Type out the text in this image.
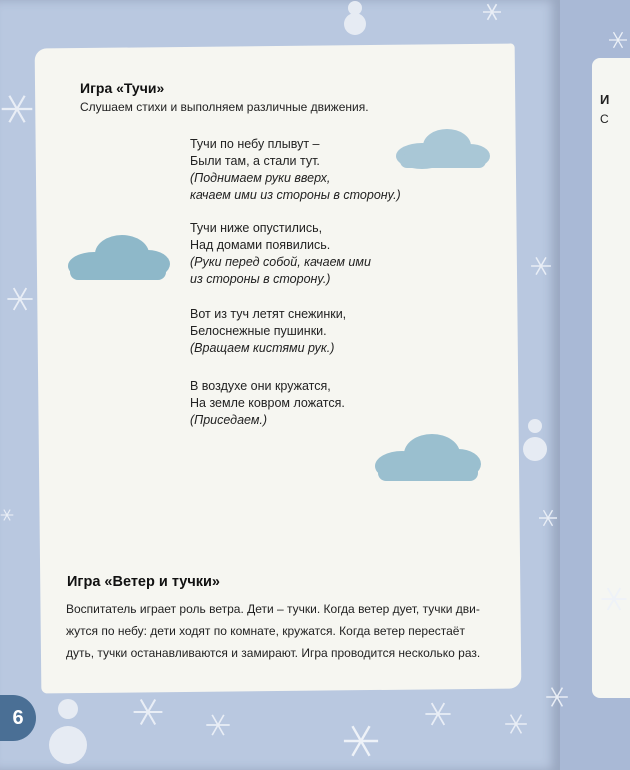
И
С
Игра «Тучи»
Слушаем стихи и выполняем различные движения.
Тучи по небу плывут –
Были там, а стали тут.
(Поднимаем руки вверх,
качаем ими из стороны в сторону.)
Тучи ниже опустились,
Над домами появились.
(Руки перед собой, качаем ими
из стороны в сторону.)
Вот из туч летят снежинки,
Белоснежные пушинки.
(Вращаем кистями рук.)
В воздухе они кружатся,
На земле ковром ложатся.
(Приседаем.)
Игра «Ветер и тучки»
Воспитатель играет роль ветра. Дети – тучки. Когда ветер дует, тучки дви-
жутся по небу: дети ходят по комнате, кружатся. Когда ветер перестаёт
дуть, тучки останавливаются и замирают. Игра проводится несколько раз.
6
